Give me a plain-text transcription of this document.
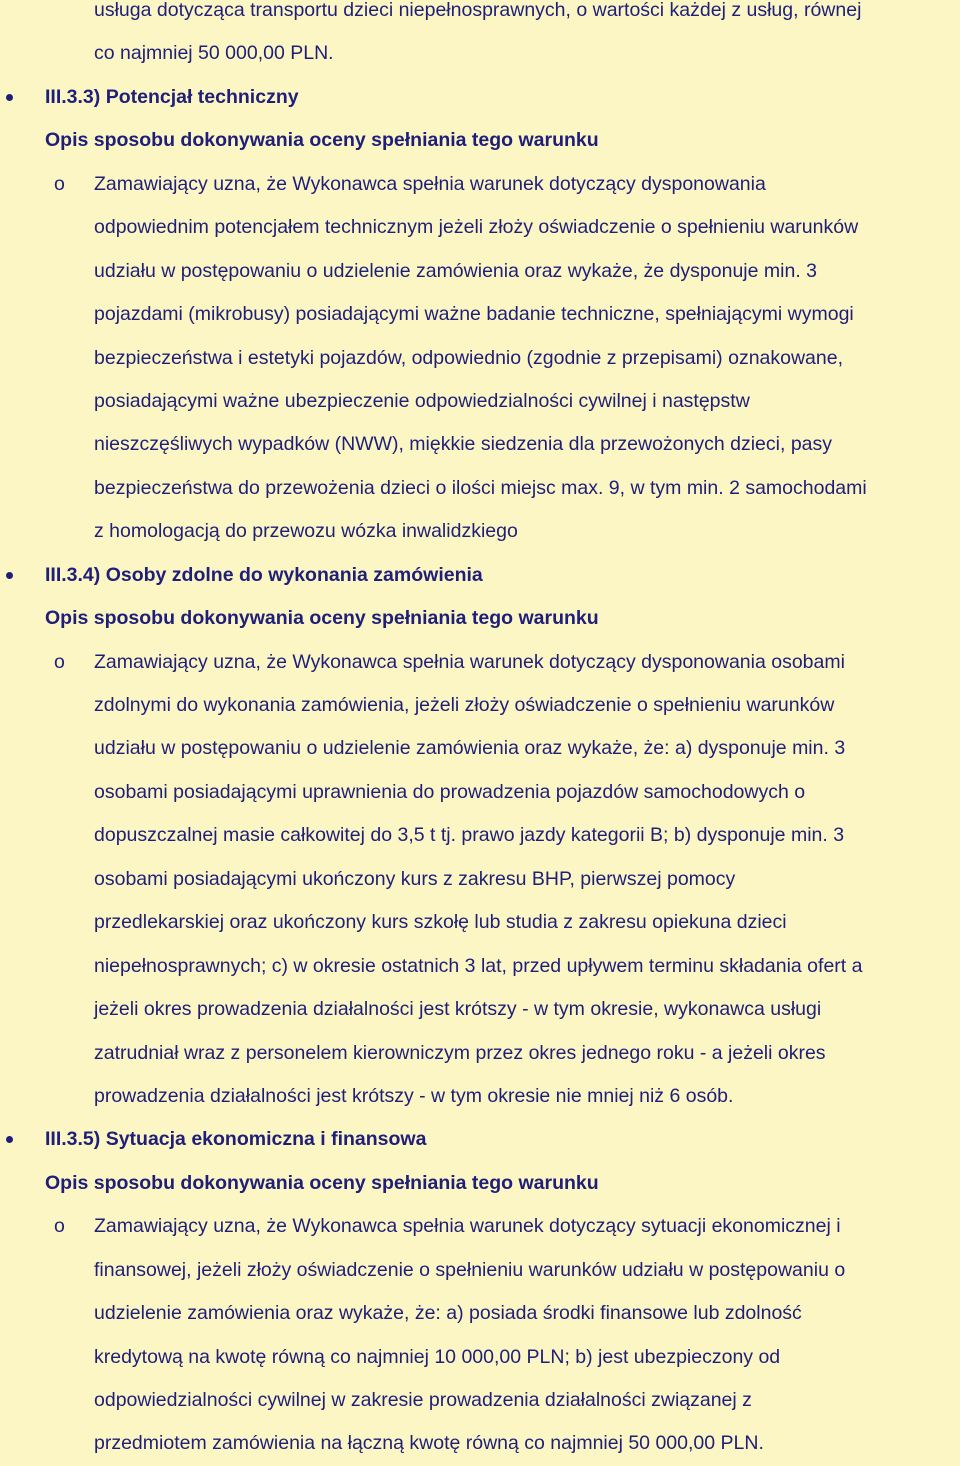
usługa dotycząca transportu dzieci niepełnosprawnych, o wartości każdej z usług, równej
co najmniej 50 000,00 PLN.
III.3.3) Potencjał techniczny
Opis sposobu dokonywania oceny spełniania tego warunku
o	Zamawiający uzna, że Wykonawca spełnia warunek dotyczący dysponowania
odpowiednim potencjałem technicznym jeżeli złoży oświadczenie o spełnieniu warunków
udziału w postępowaniu o udzielenie zamówienia oraz wykaże, że dysponuje min. 3
pojazdami (mikrobusy) posiadającymi ważne badanie techniczne, spełniającymi wymogi
bezpieczeństwa i estetyki pojazdów, odpowiednio (zgodnie z przepisami) oznakowane,
posiadającymi ważne ubezpieczenie odpowiedzialności cywilnej i następstw
nieszczęśliwych wypadków (NWW), miękkie siedzenia dla przewożonych dzieci, pasy
bezpieczeństwa do przewożenia dzieci o ilości miejsc max. 9, w tym min. 2 samochodami
z homologacją do przewozu wózka inwalidzkiego
III.3.4) Osoby zdolne do wykonania zamówienia
Opis sposobu dokonywania oceny spełniania tego warunku
o	Zamawiający uzna, że Wykonawca spełnia warunek dotyczący dysponowania osobami
zdolnymi do wykonania zamówienia, jeżeli złoży oświadczenie o spełnieniu warunków
udziału w postępowaniu o udzielenie zamówienia oraz wykaże, że: a) dysponuje min. 3
osobami posiadającymi uprawnienia do prowadzenia pojazdów samochodowych o
dopuszczalnej masie całkowitej do 3,5 t tj. prawo jazdy kategorii B; b) dysponuje min. 3
osobami posiadającymi ukończony kurs z zakresu BHP, pierwszej pomocy
przedlekarskiej oraz ukończony kurs szkołę lub studia z zakresu opiekuna dzieci
niepełnosprawnych; c) w okresie ostatnich 3 lat, przed upływem terminu składania ofert a
jeżeli okres prowadzenia działalności jest krótszy - w tym okresie, wykonawca usługi
zatrudniał wraz z personelem kierowniczym przez okres jednego roku - a jeżeli okres
prowadzenia działalności jest krótszy - w tym okresie nie mniej niż 6 osób.
III.3.5) Sytuacja ekonomiczna i finansowa
Opis sposobu dokonywania oceny spełniania tego warunku
o	Zamawiający uzna, że Wykonawca spełnia warunek dotyczący sytuacji ekonomicznej i
finansowej, jeżeli złoży oświadczenie o spełnieniu warunków udziału w postępowaniu o
udzielenie zamówienia oraz wykaże, że: a) posiada środki finansowe lub zdolność
kredytową na kwotę równą co najmniej 10 000,00 PLN; b) jest ubezpieczony od
odpowiedzialności cywilnej w zakresie prowadzenia działalności związanej z
przedmiotem zamówienia na łączną kwotę równą co najmniej 50 000,00 PLN.
